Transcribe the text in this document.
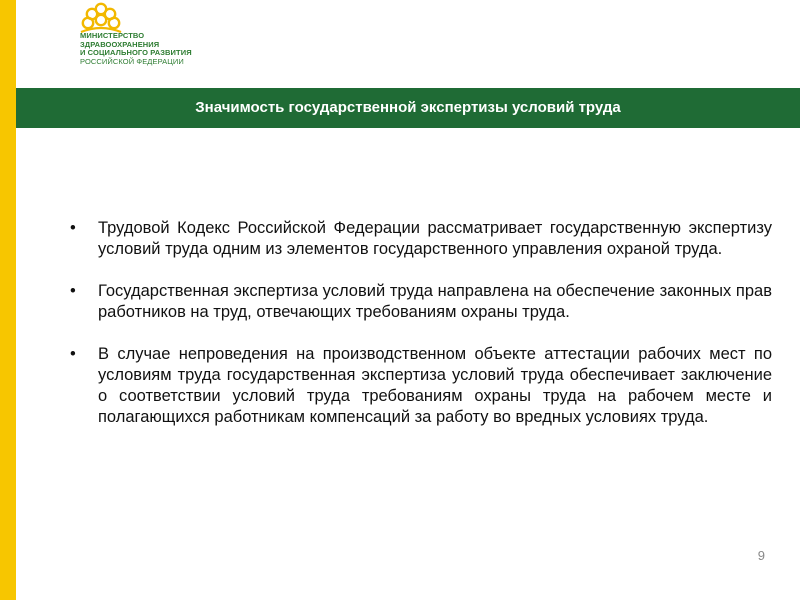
МИНИСТЕРСТВО
ЗДРАВООХРАНЕНИЯ
И СОЦИАЛЬНОГО РАЗВИТИЯ
РОССИЙСКОЙ ФЕДЕРАЦИИ
Значимость государственной экспертизы условий труда
• Трудовой Кодекс Российской Федерации рассматривает государственную экспертизу условий труда одним из элементов государственного управления охраной труда.
• Государственная экспертиза условий труда направлена на обеспечение законных прав работников на труд, отвечающих требованиям охраны труда.
• В случае непроведения на производственном объекте аттестации рабочих мест по условиям труда государственная экспертиза условий труда обеспечивает заключение о соответствии условий труда требованиям охраны труда на рабочем месте и полагающихся работникам компенсаций за работу во вредных условиях труда.
9
